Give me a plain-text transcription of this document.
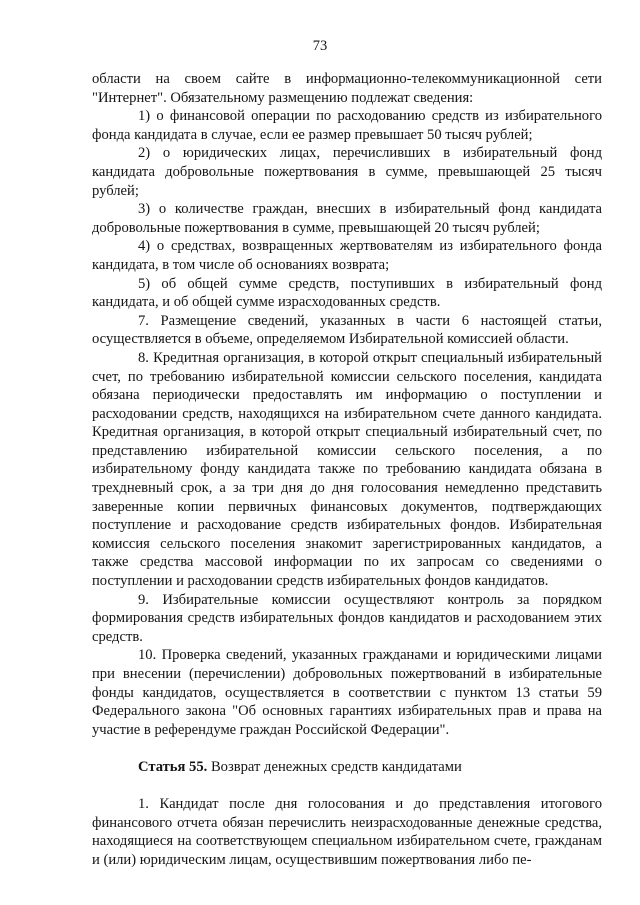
73

области на своем сайте в информационно-телекоммуникационной сети "Интернет". Обязательному размещению подлежат сведения:

1) о финансовой операции по расходованию средств из избирательного фонда кандидата в случае, если ее размер превышает 50 тысяч рублей;

2) о юридических лицах, перечисливших в избирательный фонд кандидата добровольные пожертвования в сумме, превышающей 25 тысяч рублей;

3) о количестве граждан, внесших в избирательный фонд кандидата добровольные пожертвования в сумме, превышающей 20 тысяч рублей;

4) о средствах, возвращенных жертвователям из избирательного фонда кандидата, в том числе об основаниях возврата;

5) об общей сумме средств, поступивших в избирательный фонд кандидата, и об общей сумме израсходованных средств.

7. Размещение сведений, указанных в части 6 настоящей статьи, осуществляется в объеме, определяемом Избирательной комиссией области.

8. Кредитная организация, в которой открыт специальный избирательный счет, по требованию избирательной комиссии сельского поселения, кандидата обязана периодически предоставлять им информацию о поступлении и расходовании средств, находящихся на избирательном счете данного кандидата. Кредитная организация, в которой открыт специальный избирательный счет, по представлению избирательной комиссии сельского поселения, а по избирательному фонду кандидата также по требованию кандидата обязана в трехдневный срок, а за три дня до дня голосования немедленно представить заверенные копии первичных финансовых документов, подтверждающих поступление и расходование средств избирательных фондов. Избирательная комиссия сельского поселения знакомит зарегистрированных кандидатов, а также средства массовой информации по их запросам со сведениями о поступлении и расходовании средств избирательных фондов кандидатов.

9. Избирательные комиссии осуществляют контроль за порядком формирования средств избирательных фондов кандидатов и расходованием этих средств.

10. Проверка сведений, указанных гражданами и юридическими лицами при внесении (перечислении) добровольных пожертвований в избирательные фонды кандидатов, осуществляется в соответствии с пунктом 13 статьи 59 Федерального закона "Об основных гарантиях избирательных прав и права на участие в референдуме граждан Российской Федерации".

Статья 55. Возврат денежных средств кандидатами

1. Кандидат после дня голосования и до представления итогового финансового отчета обязан перечислить неизрасходованные денежные средства, находящиеся на соответствующем специальном избирательном счете, гражданам и (или) юридическим лицам, осуществившим пожертвования либо пе-
